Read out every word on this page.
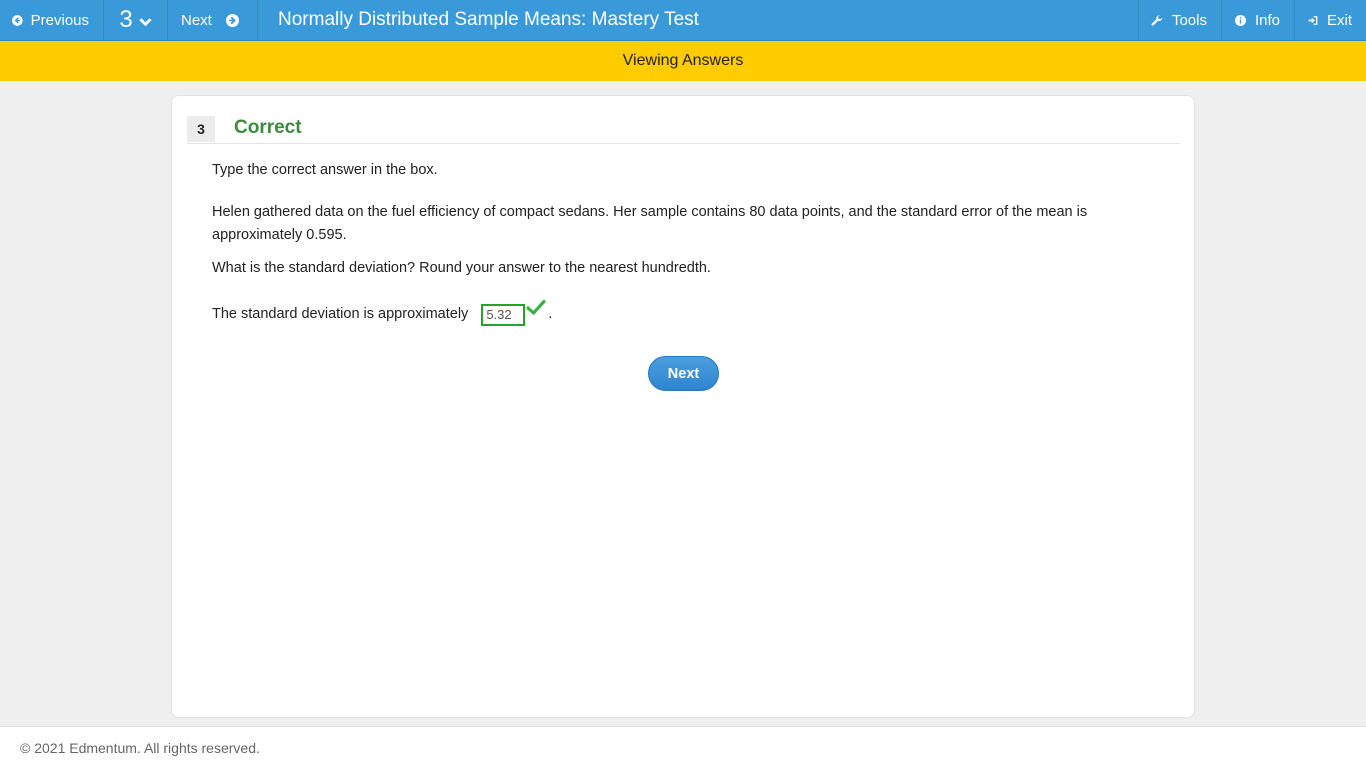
Previous 3	Next	Normally Distributed Sample Means: Mastery Test	Tools	Info	Exit
Viewing Answers
3	Correct
Type the correct answer in the box.
Helen gathered data on the fuel efficiency of compact sedans. Her sample contains 80 data points, and the standard error of the mean is approximately 0.595.
What is the standard deviation? Round your answer to the nearest hundredth.
The standard deviation is approximately	5.32	.
Next
© 2021 Edmentum. All rights reserved.
